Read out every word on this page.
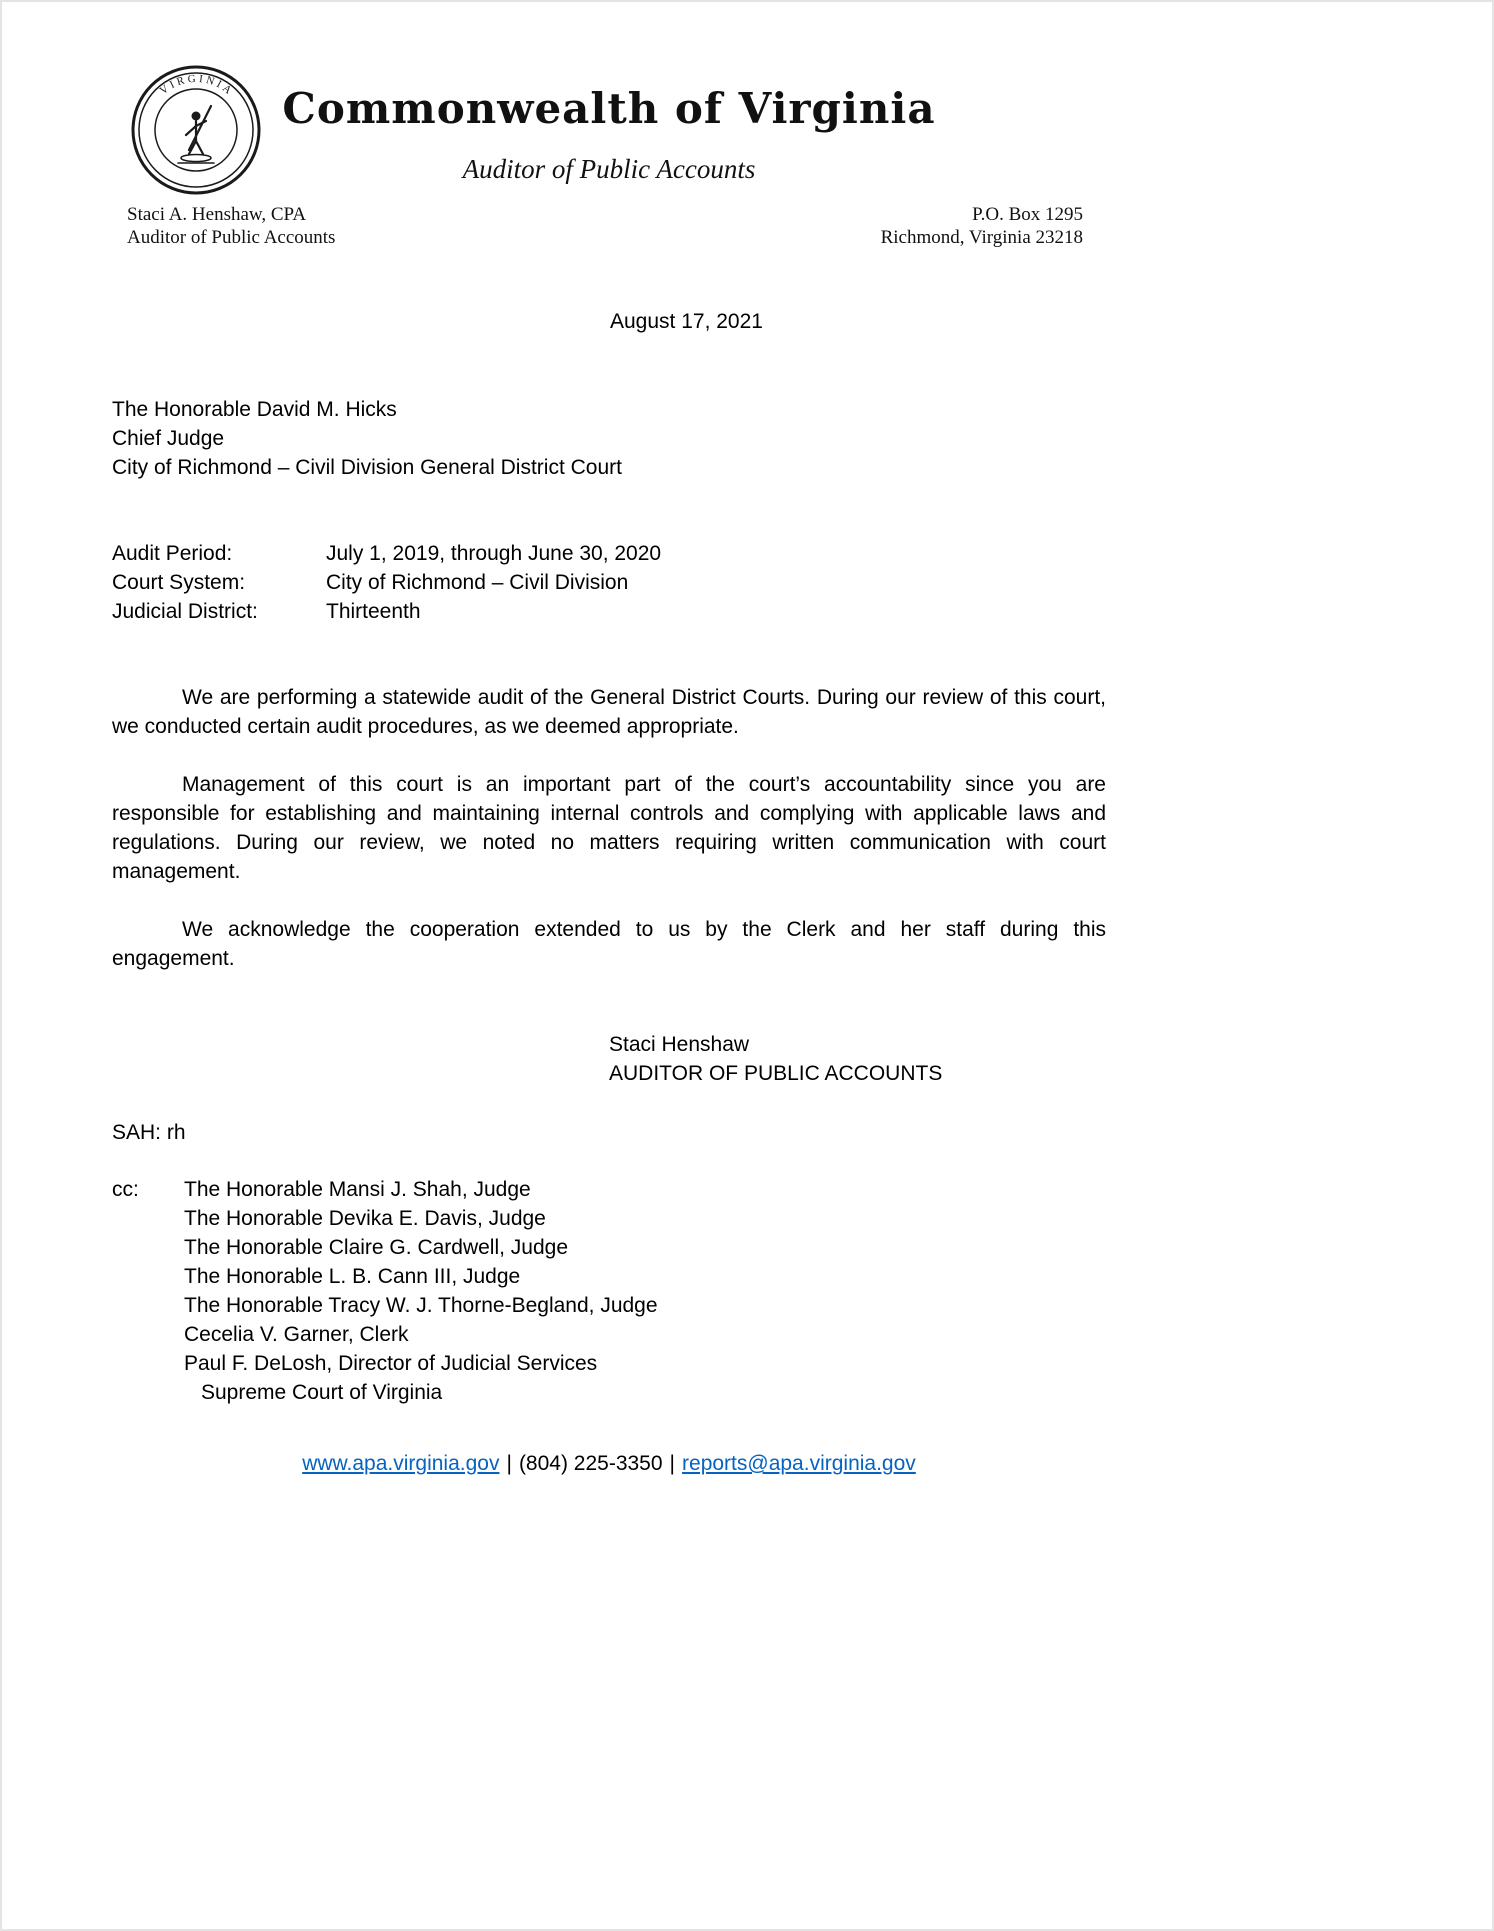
VIRGINIA	Commonwealth of Virginia
Auditor of Public Accounts
Staci A. Henshaw, CPA
Auditor of Public Accounts
P.O. Box 1295
Richmond, Virginia 23218
August 17, 2021
The Honorable David M. Hicks
Chief Judge
City of Richmond – Civil Division General District Court
Audit Period:	July 1, 2019, through June 30, 2020
Court System:	City of Richmond – Civil Division
Judicial District:	Thirteenth

We are performing a statewide audit of the General District Courts. During our review of this court, we conducted certain audit procedures, as we deemed appropriate.

Management of this court is an important part of the court’s accountability since you are responsible for establishing and maintaining internal controls and complying with applicable laws and regulations. During our review, we noted no matters requiring written communication with court management.

We acknowledge the cooperation extended to us by the Clerk and her staff during this engagement.

Staci Henshaw
AUDITOR OF PUBLIC ACCOUNTS
SAH: rh
cc:	The Honorable Mansi J. Shah, Judge
The Honorable Devika E. Davis, Judge
The Honorable Claire G. Cardwell, Judge
The Honorable L. B. Cann III, Judge
The Honorable Tracy W. J. Thorne-Begland, Judge
Cecelia V. Garner, Clerk
Paul F. DeLosh, Director of Judicial Services
Supreme Court of Virginia
www.apa.virginia.gov | (804) 225-3350 | reports@apa.virginia.gov
